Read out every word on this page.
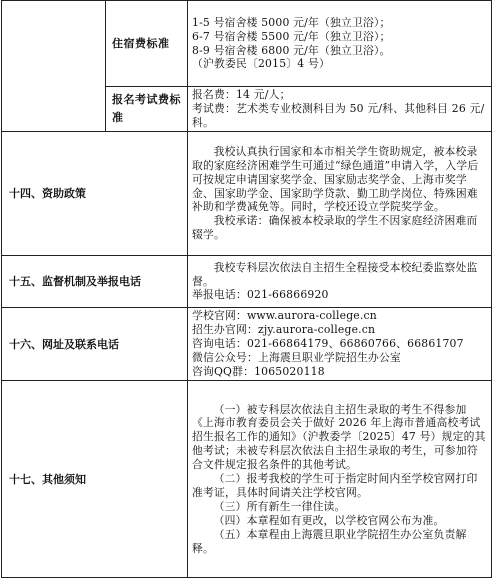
	住宿费标准	1-5 号宿舍楼 5000 元/年（独立卫浴）；
6-7 号宿舍楼 5500 元/年（独立卫浴）；
8-9 号宿舍楼 6800 元/年（独立卫浴）。
（沪教委民〔2015〕4 号）

	报名考试费标准	报名费：14 元/人；
考试费：艺术类专业校测科目为 50 元/科、其他科目 26 元/科。

十四、资助政策		我校认真执行国家和本市相关学生资助规定，被本校录取的家庭经济困难学生可通过“绿色通道”申请入学，入学后可按规定申请国家奖学金、国家励志奖学金、上海市奖学金、国家助学金、国家助学贷款、勤工助学岗位、特殊困难补助和学费减免等。同时，学校还设立学院奖学金。
我校承诺：确保被本校录取的学生不因家庭经济困难而辍学。

十五、监督机制及举报电话		我校专科层次依法自主招生全程接受本校纪委监察处监督。
举报电话：021-66866920

十六、网址及联系电话		学校官网：www.aurora-college.cn
招生办官网：zjy.aurora-college.cn
咨询电话：021-66864179、66860766、66861707
微信公众号：上海震旦职业学院招生办公室
咨询QQ群：1065020118

十七、其他须知		（一）被专科层次依法自主招生录取的考生不得参加《上海市教育委员会关于做好 2026 年上海市普通高校考试招生报名工作的通知》（沪教委学〔2025〕47 号）规定的其他考试；未被专科层次依法自主招生录取的考生，可参加符合文件规定报名条件的其他考试。
（二）报考我校的学生可于指定时间内至学校官网打印准考证，具体时间请关注学校官网。
（三）所有新生一律住读。
（四）本章程如有更改，以学校官网公布为准。
（五）本章程由上海震旦职业学院招生办公室负责解释。
